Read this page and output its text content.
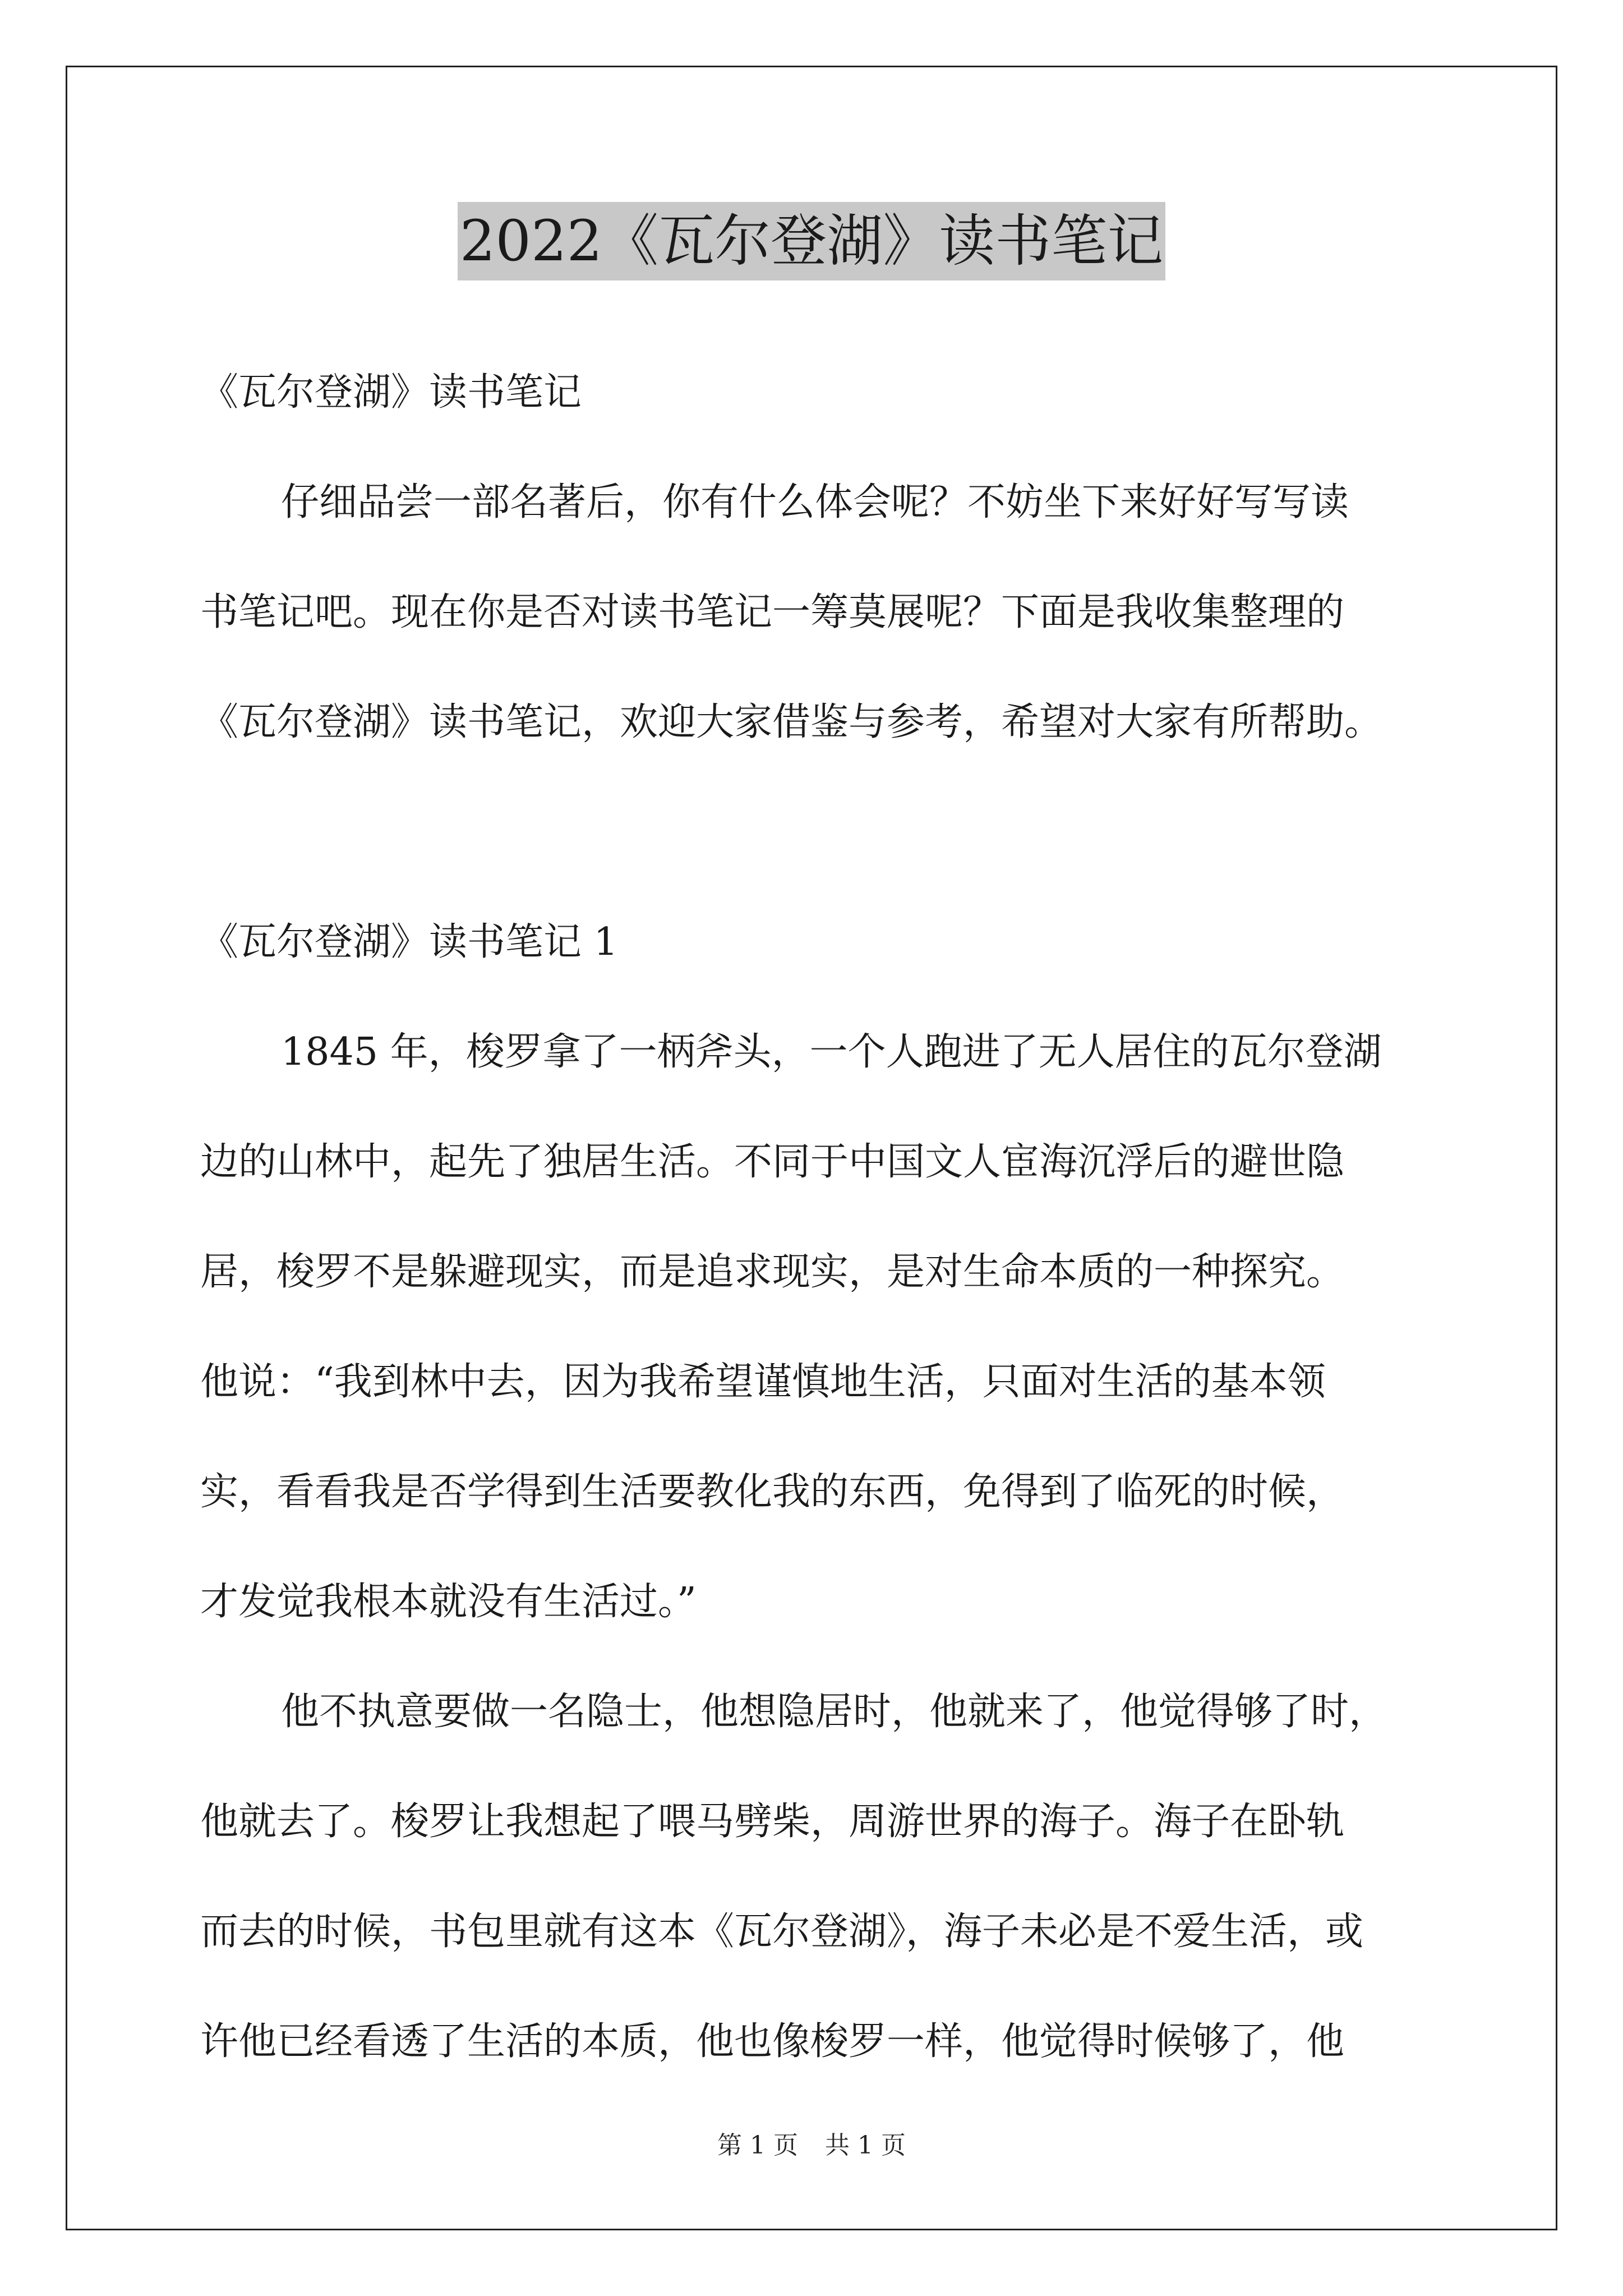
2022《瓦尔登湖》读书笔记
《瓦尔登湖》读书笔记
仔细品尝一部名著后，你有什么体会呢？不妨坐下来好好写写读
书笔记吧。现在你是否对读书笔记一筹莫展呢？下面是我收集整理的
《瓦尔登湖》读书笔记，欢迎大家借鉴与参考，希望对大家有所帮助。
《瓦尔登湖》读书笔记 1
1845 年，梭罗拿了一柄斧头，一个人跑进了无人居住的瓦尔登湖
边的山林中，起先了独居生活。不同于中国文人宦海沉浮后的避世隐
居，梭罗不是躲避现实，而是追求现实，是对生命本质的一种探究。
他说：“我到林中去，因为我希望谨慎地生活，只面对生活的基本领
实，看看我是否学得到生活要教化我的东西，免得到了临死的时候，
才发觉我根本就没有生活过。”
他不执意要做一名隐士，他想隐居时，他就来了，他觉得够了时，
他就去了。梭罗让我想起了喂马劈柴，周游世界的海子。海子在卧轨
而去的时候，书包里就有这本《瓦尔登湖》，海子未必是不爱生活，或
许他已经看透了生活的本质，他也像梭罗一样，他觉得时候够了，他
第 1 页 共 1 页
